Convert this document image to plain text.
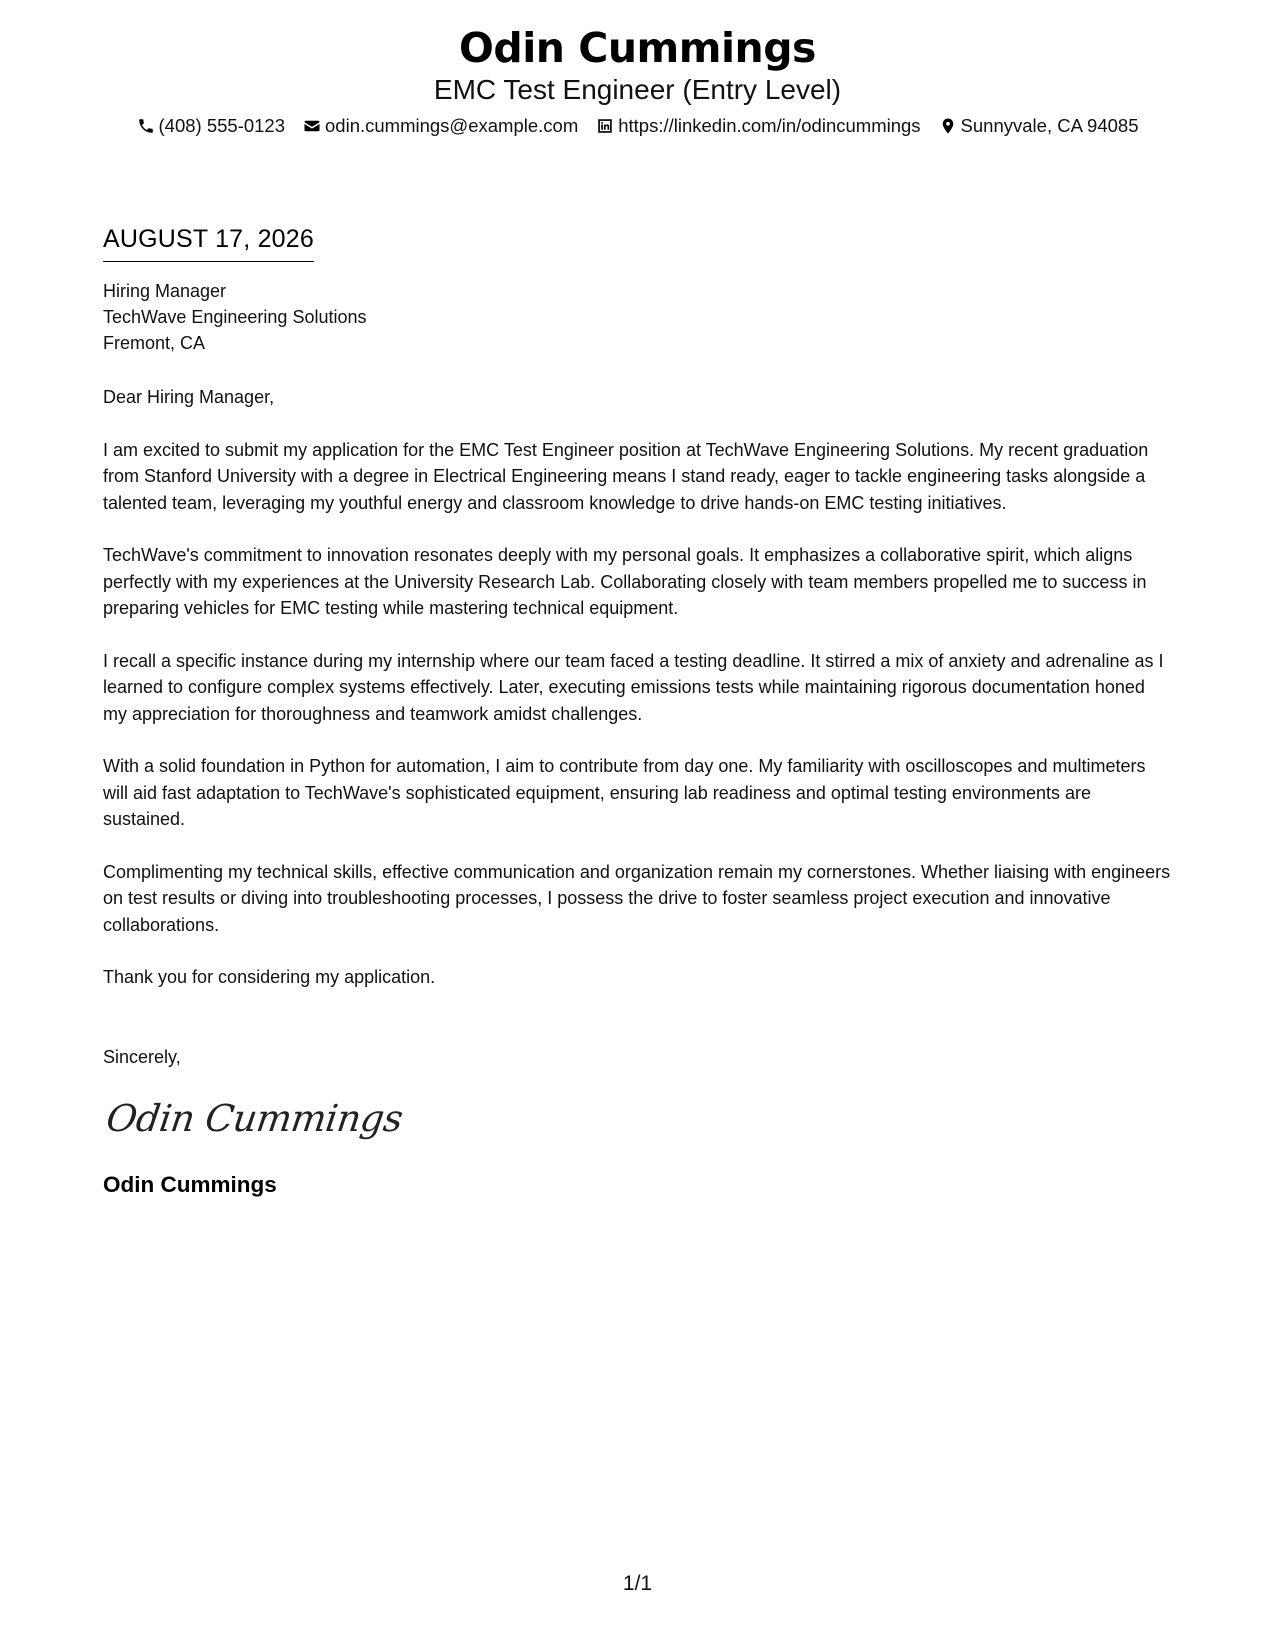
Odin Cummings
EMC Test Engineer (Entry Level)
(408) 555-0123 odin.cummings@example.com https://linkedin.com/in/odincummings Sunnyvale, CA 94085
AUGUST 17, 2026
Hiring Manager
TechWave Engineering Solutions
Fremont, CA
Dear Hiring Manager,
I am excited to submit my application for the EMC Test Engineer position at TechWave Engineering Solutions. My recent graduation from Stanford University with a degree in Electrical Engineering means I stand ready, eager to tackle engineering tasks alongside a talented team, leveraging my youthful energy and classroom knowledge to drive hands-on EMC testing initiatives.
TechWave's commitment to innovation resonates deeply with my personal goals. It emphasizes a collaborative spirit, which aligns perfectly with my experiences at the University Research Lab. Collaborating closely with team members propelled me to success in preparing vehicles for EMC testing while mastering technical equipment.
I recall a specific instance during my internship where our team faced a testing deadline. It stirred a mix of anxiety and adrenaline as I learned to configure complex systems effectively. Later, executing emissions tests while maintaining rigorous documentation honed my appreciation for thoroughness and teamwork amidst challenges.
With a solid foundation in Python for automation, I aim to contribute from day one. My familiarity with oscilloscopes and multimeters will aid fast adaptation to TechWave's sophisticated equipment, ensuring lab readiness and optimal testing environments are sustained.
Complimenting my technical skills, effective communication and organization remain my cornerstones. Whether liaising with engineers on test results or diving into troubleshooting processes, I possess the drive to foster seamless project execution and innovative collaborations.
Thank you for considering my application.
Sincerely,
Odin Cummings
Odin Cummings
1/1
